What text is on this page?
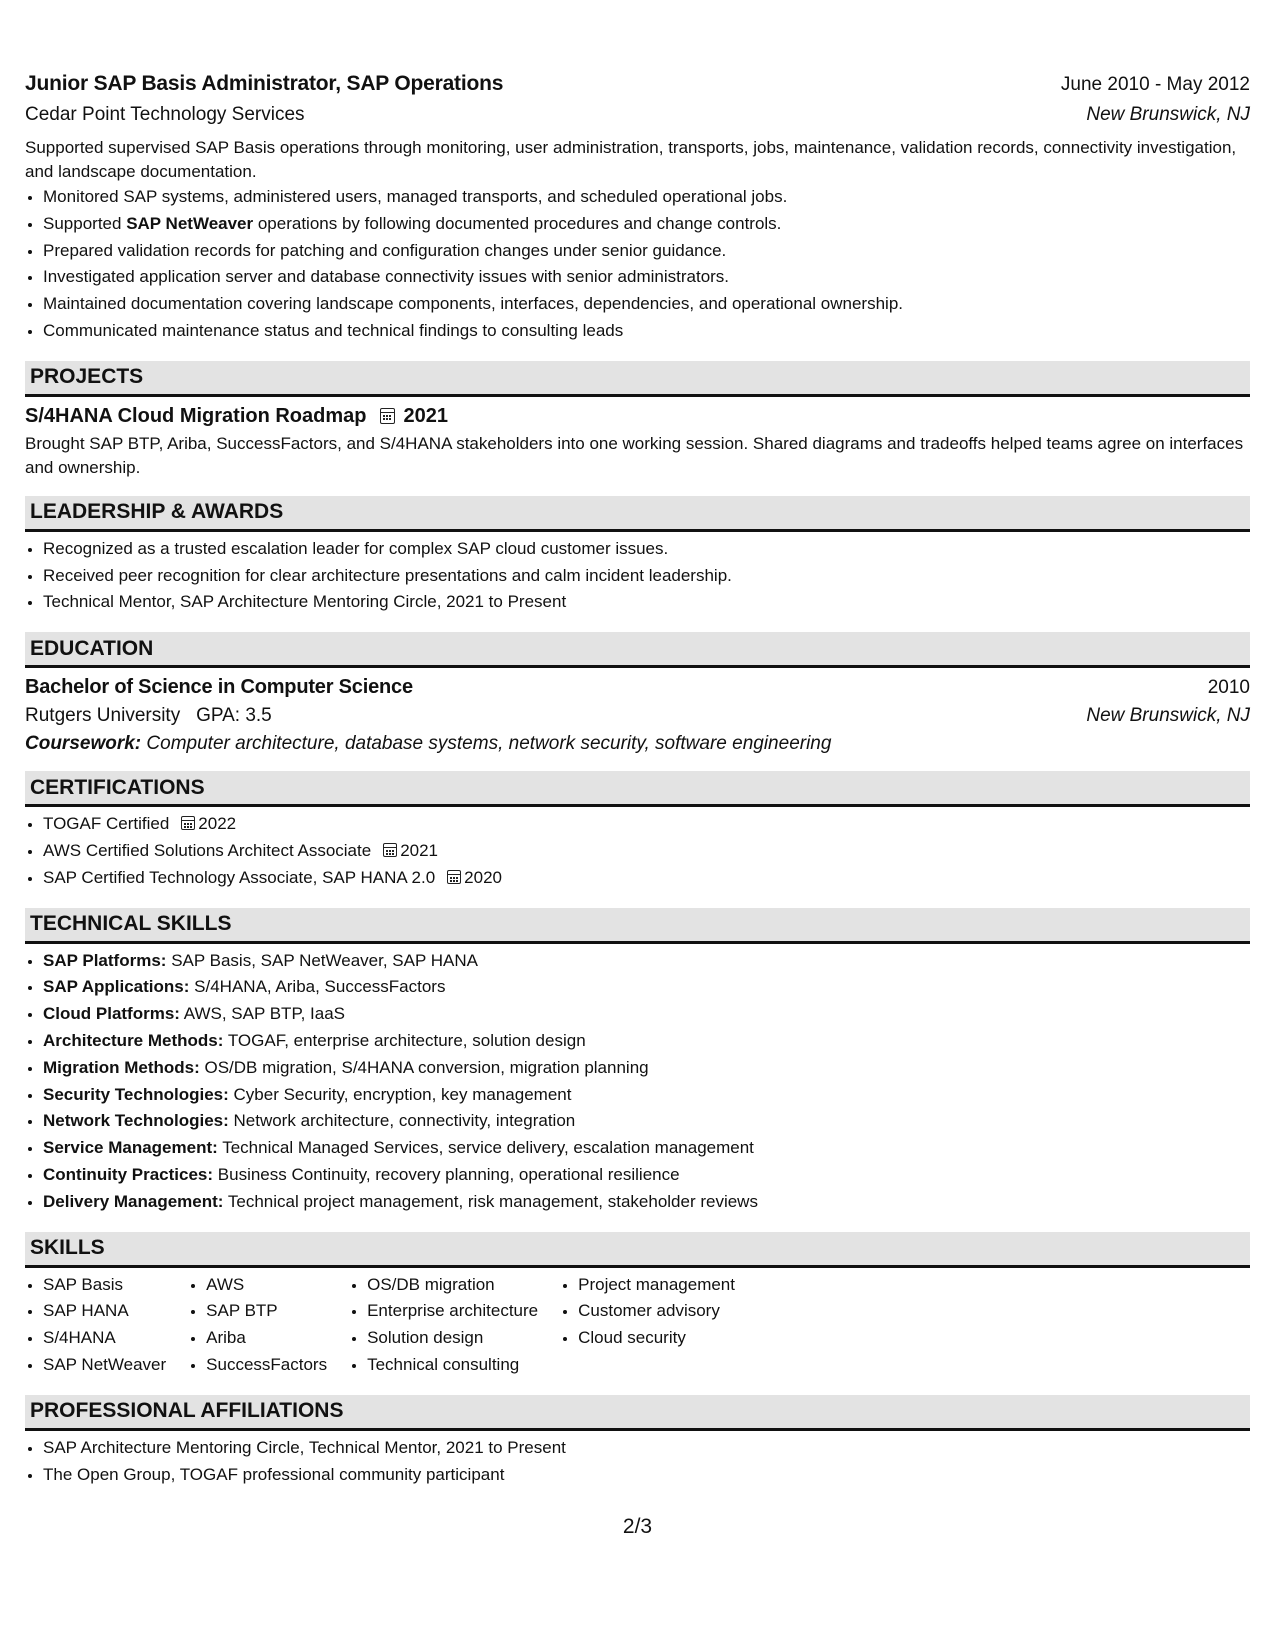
Junior SAP Basis Administrator, SAP Operations	June 2010 - May 2012
Cedar Point Technology Services	New Brunswick, NJ
Supported supervised SAP Basis operations through monitoring, user administration, transports, jobs, maintenance, validation records, connectivity investigation, and landscape documentation.
• Monitored SAP systems, administered users, managed transports, and scheduled operational jobs.
• Supported SAP NetWeaver operations by following documented procedures and change controls.
• Prepared validation records for patching and configuration changes under senior guidance.
• Investigated application server and database connectivity issues with senior administrators.
• Maintained documentation covering landscape components, interfaces, dependencies, and operational ownership.
• Communicated maintenance status and technical findings to consulting leads
PROJECTS
S/4HANA Cloud Migration Roadmap 2021
Brought SAP BTP, Ariba, SuccessFactors, and S/4HANA stakeholders into one working session. Shared diagrams and tradeoffs helped teams agree on interfaces and ownership.
LEADERSHIP & AWARDS
• Recognized as a trusted escalation leader for complex SAP cloud customer issues.
• Received peer recognition for clear architecture presentations and calm incident leadership.
• Technical Mentor, SAP Architecture Mentoring Circle, 2021 to Present
EDUCATION
Bachelor of Science in Computer Science	2010
Rutgers University GPA: 3.5	New Brunswick, NJ
Coursework: Computer architecture, database systems, network security, software engineering
CERTIFICATIONS
• TOGAF Certified 2022
• AWS Certified Solutions Architect Associate 2021
• SAP Certified Technology Associate, SAP HANA 2.0 2020
TECHNICAL SKILLS
• SAP Platforms: SAP Basis, SAP NetWeaver, SAP HANA
• SAP Applications: S/4HANA, Ariba, SuccessFactors
• Cloud Platforms: AWS, SAP BTP, IaaS
• Architecture Methods: TOGAF, enterprise architecture, solution design
• Migration Methods: OS/DB migration, S/4HANA conversion, migration planning
• Security Technologies: Cyber Security, encryption, key management
• Network Technologies: Network architecture, connectivity, integration
• Service Management: Technical Managed Services, service delivery, escalation management
• Continuity Practices: Business Continuity, recovery planning, operational resilience
• Delivery Management: Technical project management, risk management, stakeholder reviews
SKILLS
• SAP Basis
• SAP HANA
• S/4HANA
• SAP NetWeaver
• AWS
• SAP BTP
• Ariba
• SuccessFactors
• OS/DB migration
• Enterprise architecture
• Solution design
• Technical consulting
• Project management
• Customer advisory
• Cloud security
PROFESSIONAL AFFILIATIONS
• SAP Architecture Mentoring Circle, Technical Mentor, 2021 to Present
• The Open Group, TOGAF professional community participant
2/3
